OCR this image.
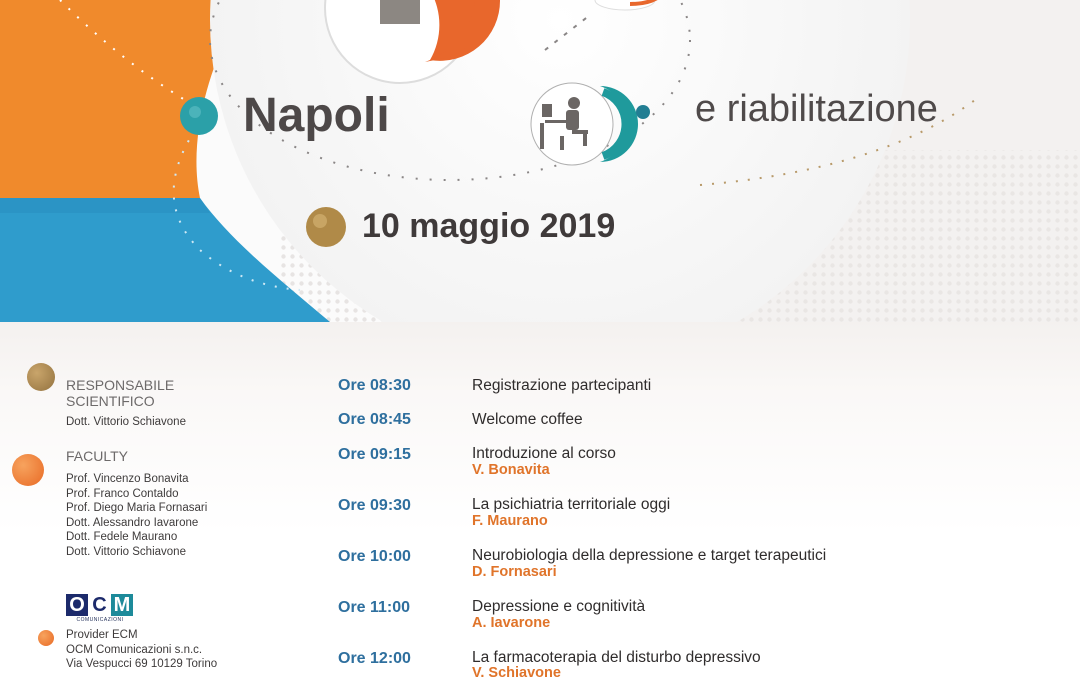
Napoli	e riabilitazione
10 maggio 2019
RESPONSABILE
SCIENTIFICO
Dott. Vittorio Schiavone
FACULTY
Prof. Vincenzo Bonavita
Prof. Franco Contaldo
Prof. Diego Maria Fornasari
Dott. Alessandro Iavarone
Dott. Fedele Maurano
Dott. Vittorio Schiavone
O C M
COMUNICAZIONI
Provider ECM
OCM Comunicazioni s.n.c.
Via Vespucci 69 10129 Torino
Ore 08:30	Registrazione partecipanti
Ore 08:45	Welcome coffee
Ore 09:15	Introduzione al corso
V. Bonavita
Ore 09:30	La psichiatria territoriale oggi
F. Maurano
Ore 10:00	Neurobiologia della depressione e target terapeutici
D. Fornasari
Ore 11:00	Depressione e cognitività
A. Iavarone
Ore 12:00	La farmacoterapia del disturbo depressivo
V. Schiavone
